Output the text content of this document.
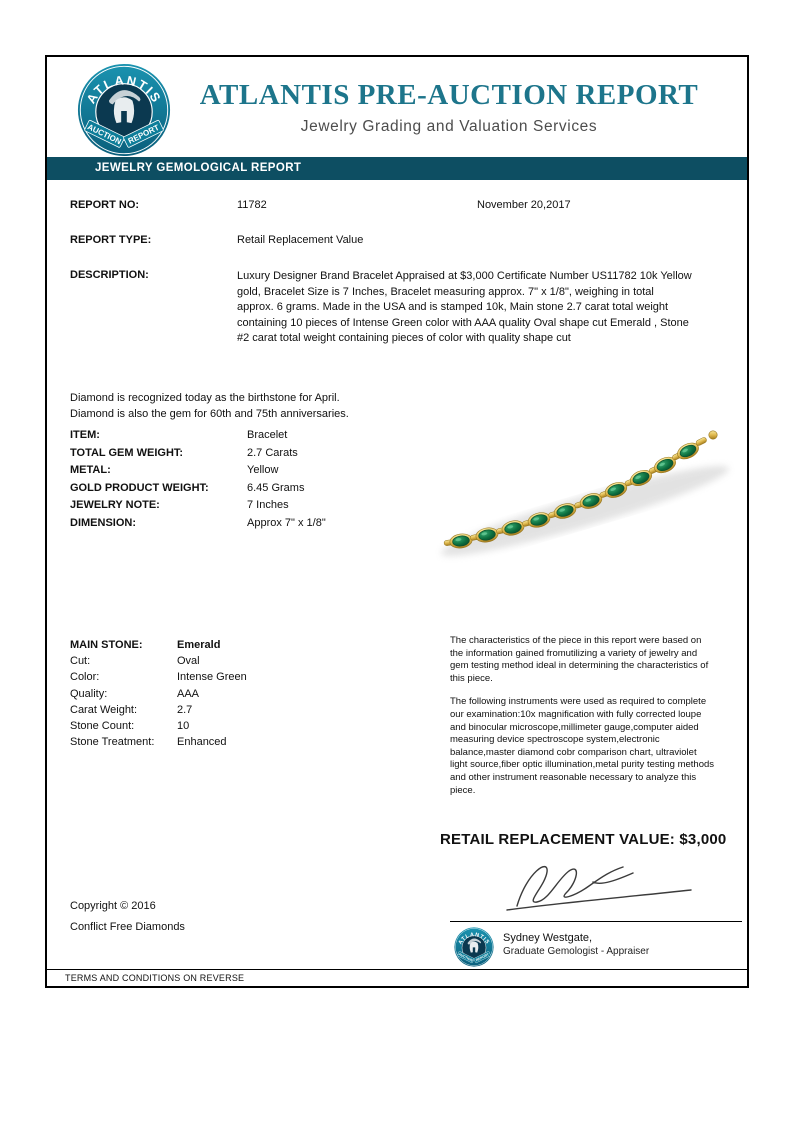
ATLANTIS PRE-AUCTION REPORT
Jewelry Grading and Valuation Services
JEWELRY GEMOLOGICAL REPORT
REPORT NO:	11782	November 20,2017
REPORT TYPE:	Retail Replacement Value
DESCRIPTION:	Luxury Designer Brand Bracelet Appraised at $3,000 Certificate Number US11782 10k Yellow gold, Bracelet Size is 7 Inches, Bracelet measuring approx. 7" x 1/8", weighing in total approx. 6 grams. Made in the USA and is stamped 10k, Main stone 2.7 carat total weight containing 10 pieces of Intense Green color with AAA quality Oval shape cut Emerald , Stone #2 carat total weight containing pieces of color with quality shape cut
Diamond is recognized today as the birthstone for April.
Diamond is also the gem for 60th and 75th anniversaries.
ITEM:	Bracelet
TOTAL GEM WEIGHT:	2.7 Carats
METAL:	Yellow
GOLD PRODUCT WEIGHT:	6.45 Grams
JEWELRY NOTE:	7 Inches
DIMENSION:	Approx 7" x 1/8"
MAIN STONE:	Emerald
Cut:	Oval
Color:	Intense Green
Quality:	AAA
Carat Weight:	2.7
Stone Count:	10
Stone Treatment: Enhanced

The characteristics of the piece in this report were based on the information gained fromutilizing a variety of jewelry and gem testing method ideal in determining the characteristics of this piece.

The following instruments were used as required to complete our examination:10x magnification with fully corrected loupe and binocular microscope,millimeter gauge,computer aided measuring device spectroscope system,electronic balance,master diamond cobr comparison chart, ultraviolet light source,fiber optic illumination,metal purity testing methods and other instrument reasonable necessary to analyze this piece.

RETAIL REPLACEMENT VALUE: $3,000
Copyright © 2016
Conflict Free Diamonds
Sydney Westgate,
Graduate Gemologist - Appraiser
TERMS AND CONDITIONS ON REVERSE
